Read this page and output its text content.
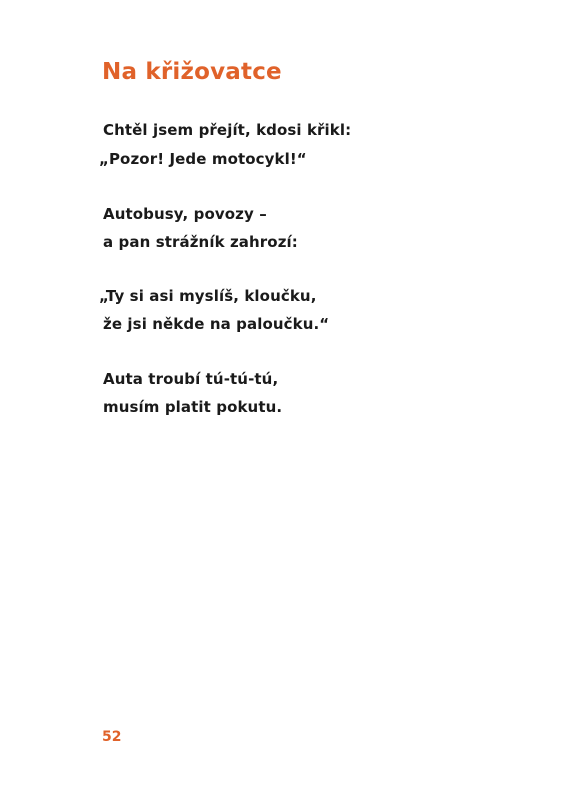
Na křižovatce
Chtěl jsem přejít, kdosi křikl:
„Pozor! Jede motocykl!“
Autobusy, povozy –
a pan strážník zahrozí:
„Ty si asi myslíš, kloučku,
že jsi někde na paloučku.“
Auta troubí tú-tú-tú,
musím platit pokutu.
52
